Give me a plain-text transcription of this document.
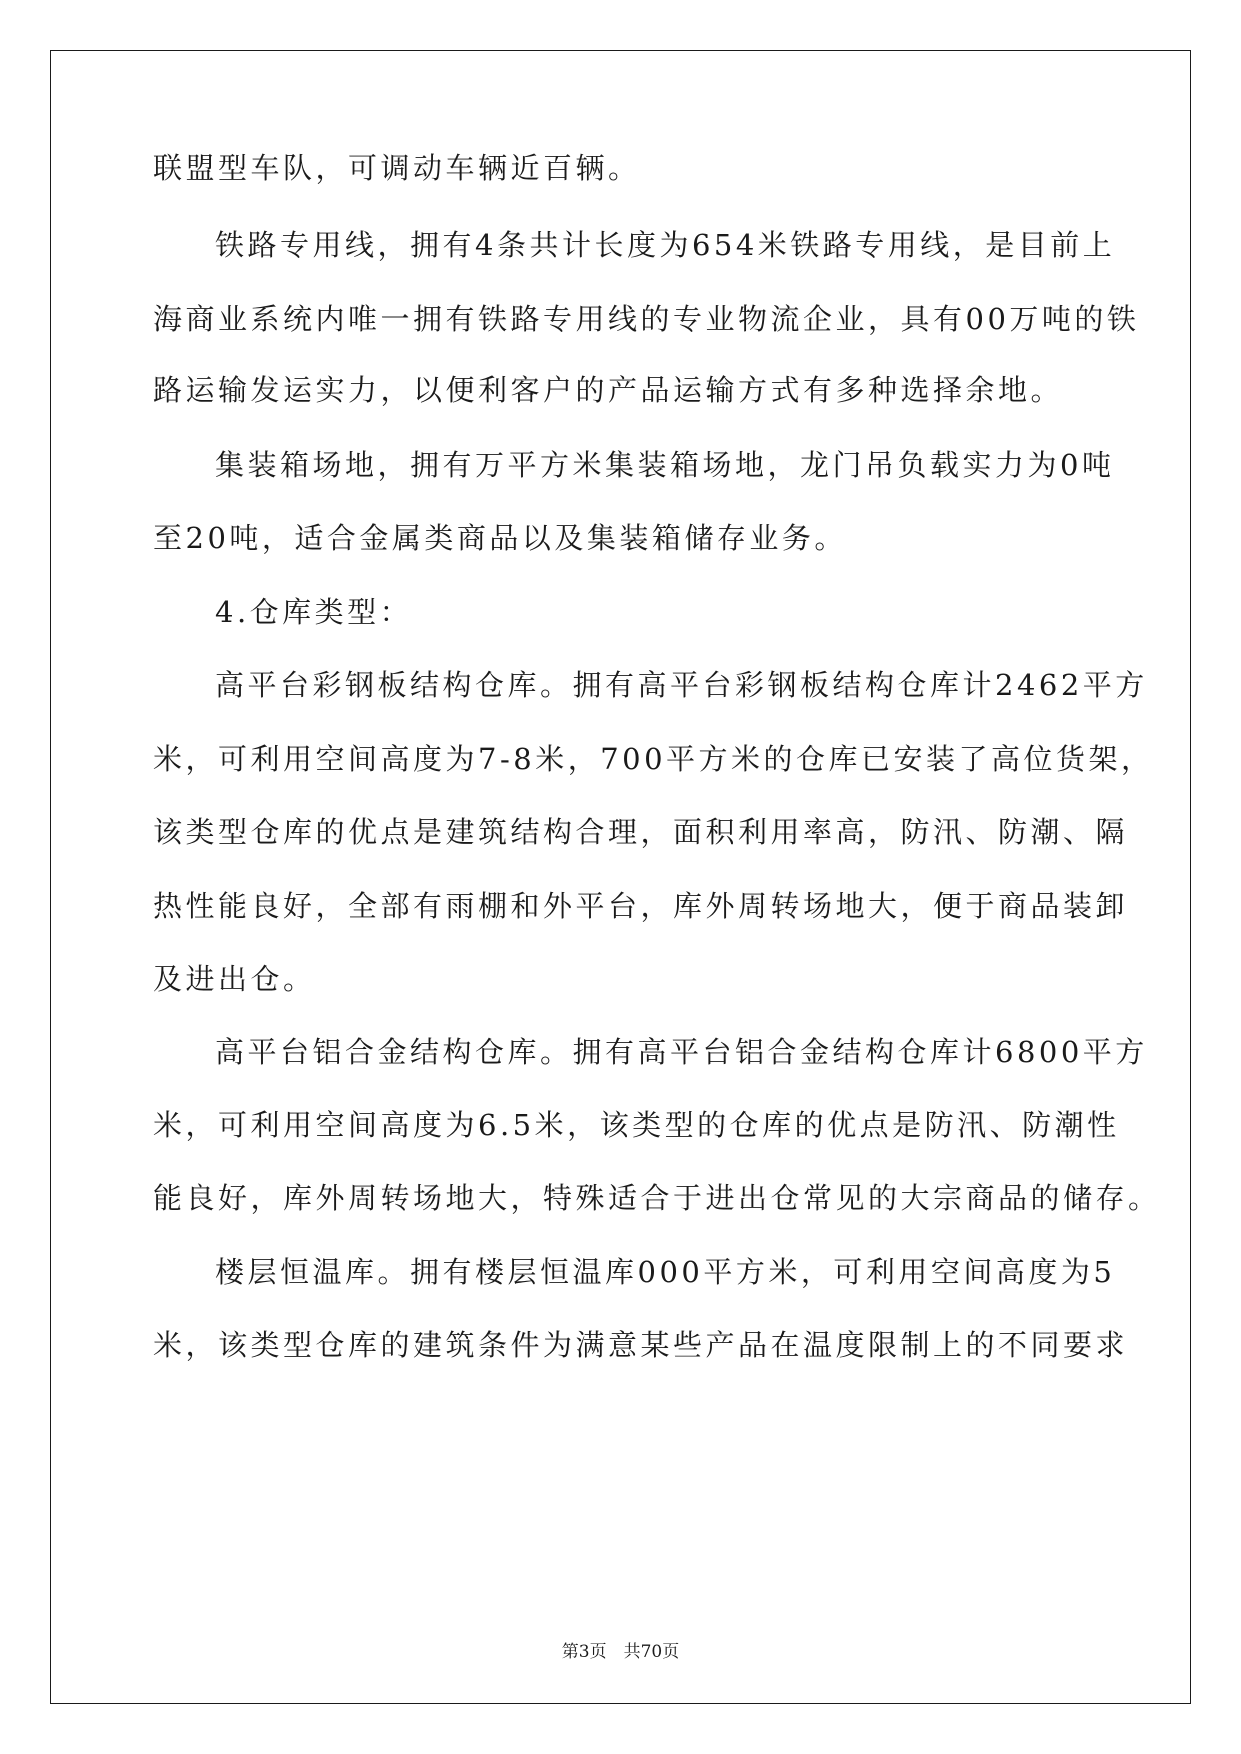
联盟型车队，可调动车辆近百辆。

铁路专用线，拥有4条共计长度为654米铁路专用线，是目前上

海商业系统内唯一拥有铁路专用线的专业物流企业，具有00万吨的铁

路运输发运实力，以便利客户的产品运输方式有多种选择余地。

集装箱场地，拥有万平方米集装箱场地，龙门吊负载实力为0吨

至20吨，适合金属类商品以及集装箱储存业务。

4.仓库类型：

高平台彩钢板结构仓库。拥有高平台彩钢板结构仓库计2462平方

米，可利用空间高度为7-8米，700平方米的仓库已安装了高位货架，

该类型仓库的优点是建筑结构合理，面积利用率高，防汛、防潮、隔

热性能良好，全部有雨棚和外平台，库外周转场地大，便于商品装卸

及进出仓。

高平台铝合金结构仓库。拥有高平台铝合金结构仓库计6800平方

米，可利用空间高度为6.5米，该类型的仓库的优点是防汛、防潮性

能良好，库外周转场地大，特殊适合于进出仓常见的大宗商品的储存。

楼层恒温库。拥有楼层恒温库000平方米，可利用空间高度为5

米，该类型仓库的建筑条件为满意某些产品在温度限制上的不同要求

第3页　共70页
